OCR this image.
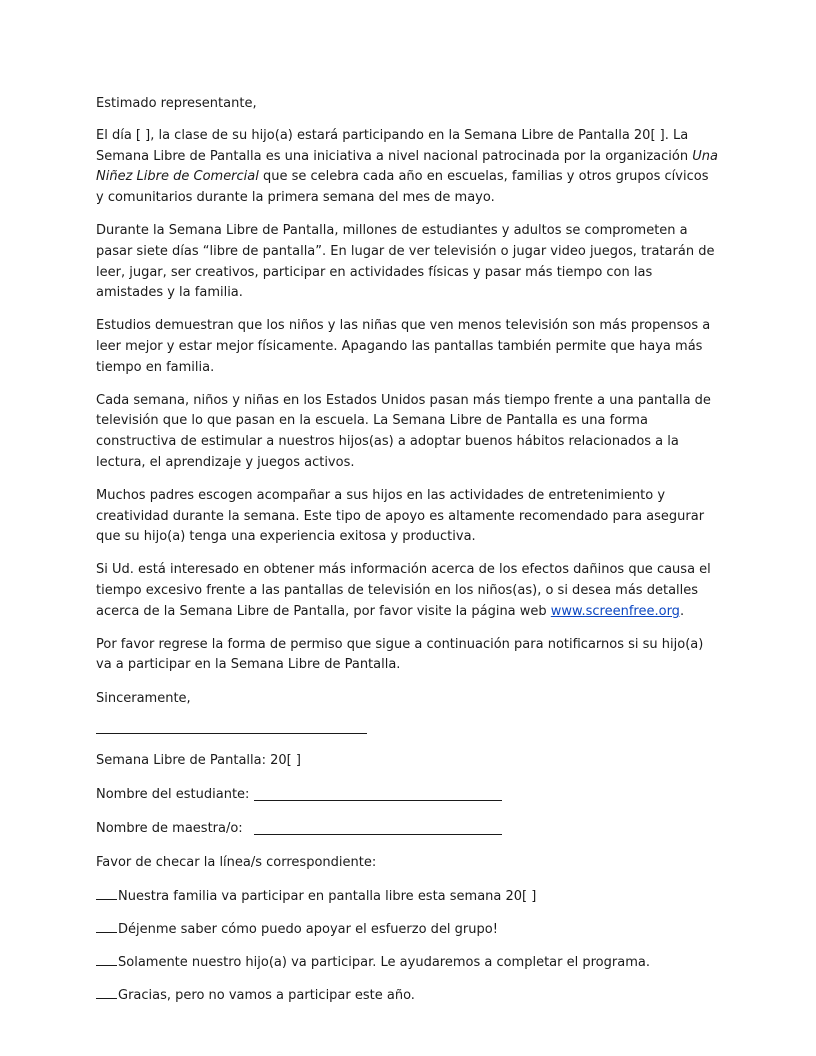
Estimado representante,

El día [ ], la clase de su hijo(a) estará participando en la Semana Libre de Pantalla 20[ ]. La Semana Libre de Pantalla es una iniciativa a nivel nacional patrocinada por la organización Una Niñez Libre de Comercial que se celebra cada año en escuelas, familias y otros grupos cívicos y comunitarios durante la primera semana del mes de mayo.

Durante la Semana Libre de Pantalla, millones de estudiantes y adultos se comprometen a pasar siete días “libre de pantalla”. En lugar de ver televisión o jugar video juegos, tratarán de leer, jugar, ser creativos, participar en actividades físicas y pasar más tiempo con las amistades y la familia.

Estudios demuestran que los niños y las niñas que ven menos televisión son más propensos a leer mejor y estar mejor físicamente. Apagando las pantallas también permite que haya más tiempo en familia.

Cada semana, niños y niñas en los Estados Unidos pasan más tiempo frente a una pantalla de televisión que lo que pasan en la escuela. La Semana Libre de Pantalla es una forma constructiva de estimular a nuestros hijos(as) a adoptar buenos hábitos relacionados a la lectura, el aprendizaje y juegos activos.

Muchos padres escogen acompañar a sus hijos en las actividades de entretenimiento y creatividad durante la semana. Este tipo de apoyo es altamente recomendado para asegurar que su hijo(a) tenga una experiencia exitosa y productiva.

Si Ud. está interesado en obtener más información acerca de los efectos dañinos que causa el tiempo excesivo frente a las pantallas de televisión en los niños(as), o si desea más detalles acerca de la Semana Libre de Pantalla, por favor visite la página web www.screenfree.org.

Por favor regrese la forma de permiso que sigue a continuación para notificarnos si su hijo(a) va a participar en la Semana Libre de Pantalla.

Sinceramente,

Semana Libre de Pantalla: 20[ ]
Nombre del estudiante:
Nombre de maestra/o:
Favor de checar la línea/s correspondiente:
Nuestra familia va participar en pantalla libre esta semana 20[ ]
Déjenme saber cómo puedo apoyar el esfuerzo del grupo!
Solamente nuestro hijo(a) va participar. Le ayudaremos a completar el programa.
Gracias, pero no vamos a participar este año.
